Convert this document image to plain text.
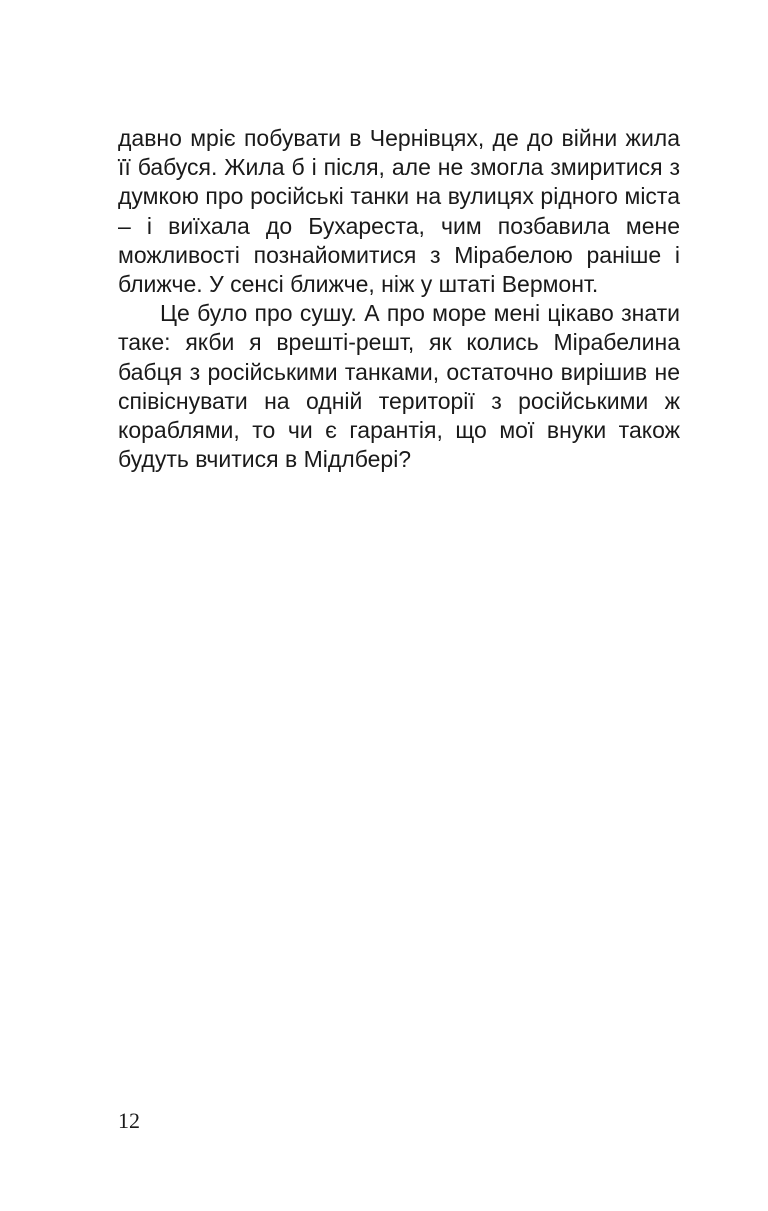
давно мріє побувати в Чернівцях, де до війни жила її бабуся. Жила б і після, але не змогла змиритися з думкою про російські танки на вулицях рідного міста – і виїхала до Бухареста, чим позбавила мене можливості познайомитися з Мірабелою раніше і ближче. У сенсі ближче, ніж у штаті Вермонт.

Це було про сушу. А про море мені цікаво знати таке: якби я врешті-решт, як колись Мірабелина бабця з російськими танками, остаточно вирішив не співіснувати на одній території з російськими ж кораблями, то чи є гарантія, що мої внуки також будуть вчитися в Мідлбері?

12
